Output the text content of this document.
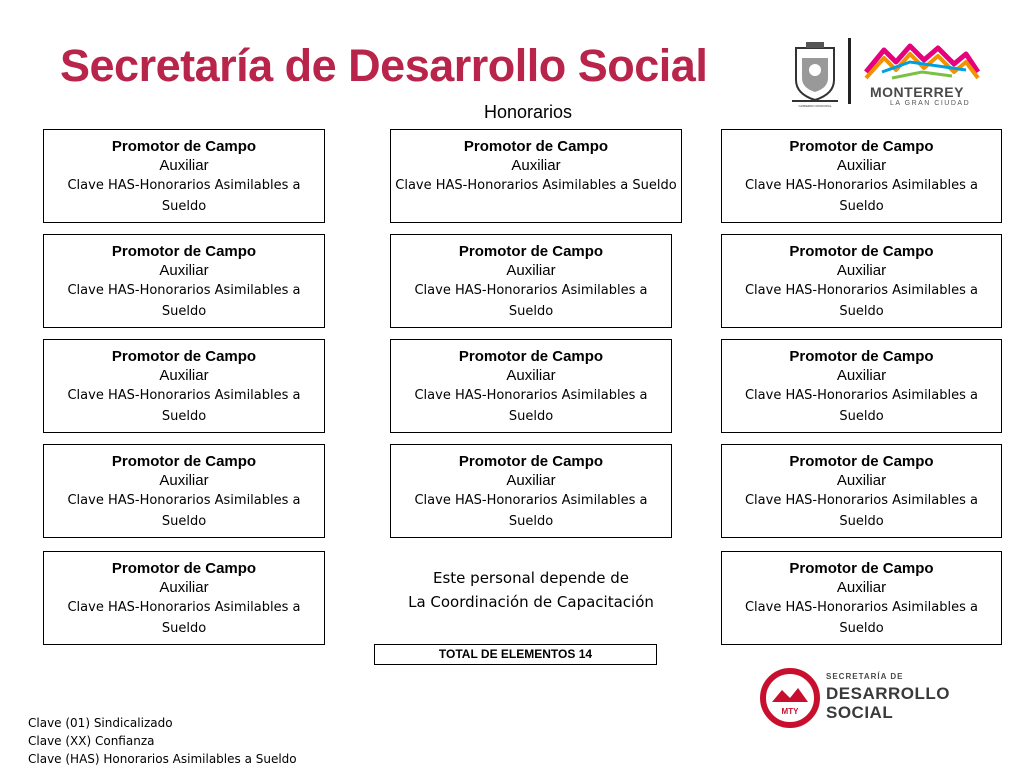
Secretaría de Desarrollo Social
Honorarios	GOBIERNO MUNICIPAL
MONTERREY
LA GRAN CIUDAD
Promotor de Campo
Auxiliar
Clave HAS-Honorarios Asimilables a Sueldo
Promotor de Campo
Auxiliar
Clave HAS-Honorarios Asimilables a Sueldo
Promotor de Campo
Auxiliar
Clave HAS-Honorarios Asimilables a Sueldo
Promotor de Campo
Auxiliar
Clave HAS-Honorarios Asimilables a Sueldo
Promotor de Campo
Auxiliar
Clave HAS-Honorarios Asimilables a Sueldo
Promotor de Campo
Auxiliar
Clave HAS-Honorarios Asimilables a Sueldo
Promotor de Campo
Auxiliar
Clave HAS-Honorarios Asimilables a Sueldo
Promotor de Campo
Auxiliar
Clave HAS-Honorarios Asimilables a Sueldo
Promotor de Campo
Auxiliar
Clave HAS-Honorarios Asimilables a Sueldo
Promotor de Campo
Auxiliar
Clave HAS-Honorarios Asimilables a Sueldo
Promotor de Campo
Auxiliar
Clave HAS-Honorarios Asimilables a Sueldo
Promotor de Campo
Auxiliar
Clave HAS-Honorarios Asimilables a Sueldo
Promotor de Campo
Auxiliar
Clave HAS-Honorarios Asimilables a Sueldo
Promotor de Campo
Auxiliar
Clave HAS-Honorarios Asimilables a Sueldo
Este personal depende de
La Coordinación de Capacitación
TOTAL DE ELEMENTOS 14
Clave (01) Sindicalizado
Clave (XX) Confianza
Clave (HAS) Honorarios Asimilables a Sueldo
MTY
SECRETARÍA DE
DESARROLLO
SOCIAL
